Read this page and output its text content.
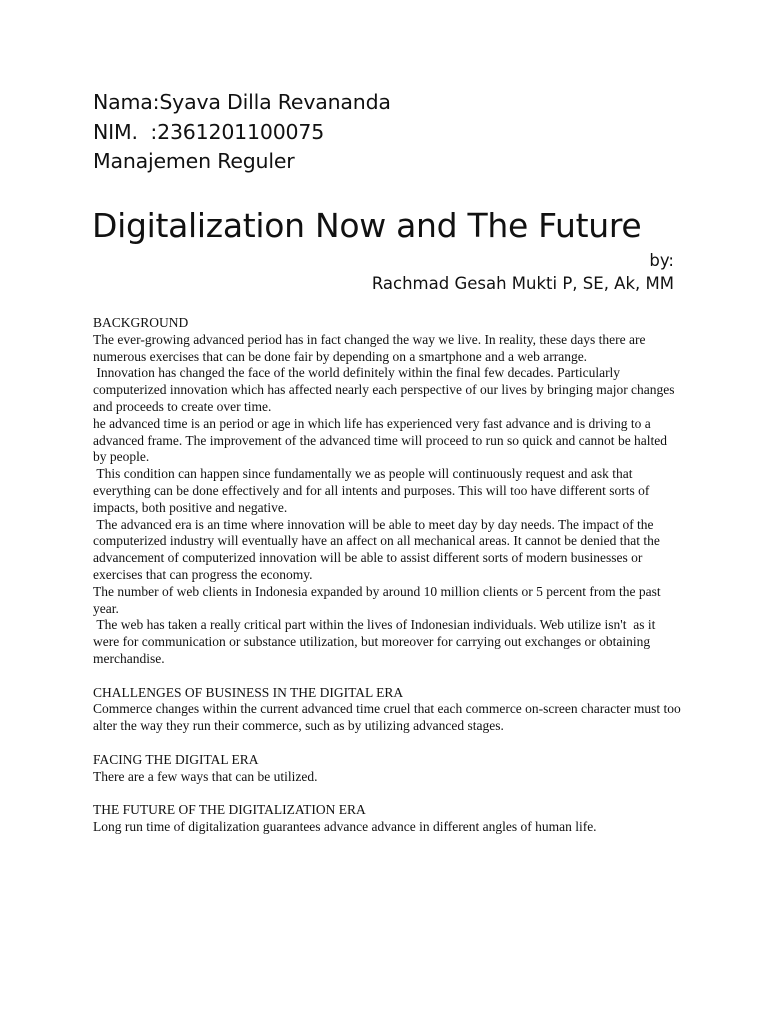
Nama:Syava Dilla Revananda
NIM.  :2361201100075
Manajemen Reguler
Digitalization Now and The Future
by:
Rachmad Gesah Mukti P, SE, Ak, MM

BACKGROUND

The ever-growing advanced period has in fact changed the way we live. In reality, these days there are numerous exercises that can be done fair by depending on a smartphone and a web arrange.

Innovation has changed the face of the world definitely within the final few decades. Particularly computerized innovation which has affected nearly each perspective of our lives by bringing major changes and proceeds to create over time.

he advanced time is an period or age in which life has experienced very fast advance and is driving to a advanced frame. The improvement of the advanced time will proceed to run so quick and cannot be halted by people.

This condition can happen since fundamentally we as people will continuously request and ask that everything can be done effectively and for all intents and purposes. This will too have different sorts of impacts, both positive and negative.

The advanced era is an time where innovation will be able to meet day by day needs. The impact of the computerized industry will eventually have an affect on all mechanical areas. It cannot be denied that the advancement of computerized innovation will be able to assist different sorts of modern businesses or exercises that can progress the economy.

The number of web clients in Indonesia expanded by around 10 million clients or 5 percent from the past year.

The web has taken a really critical part within the lives of Indonesian individuals. Web utilize isn't  as it were for communication or substance utilization, but moreover for carrying out exchanges or obtaining merchandise.

CHALLENGES OF BUSINESS IN THE DIGITAL ERA

Commerce changes within the current advanced time cruel that each commerce on-screen character must too alter the way they run their commerce, such as by utilizing advanced stages.

FACING THE DIGITAL ERA

There are a few ways that can be utilized.

THE FUTURE OF THE DIGITALIZATION ERA

Long run time of digitalization guarantees advance advance in different angles of human life.
